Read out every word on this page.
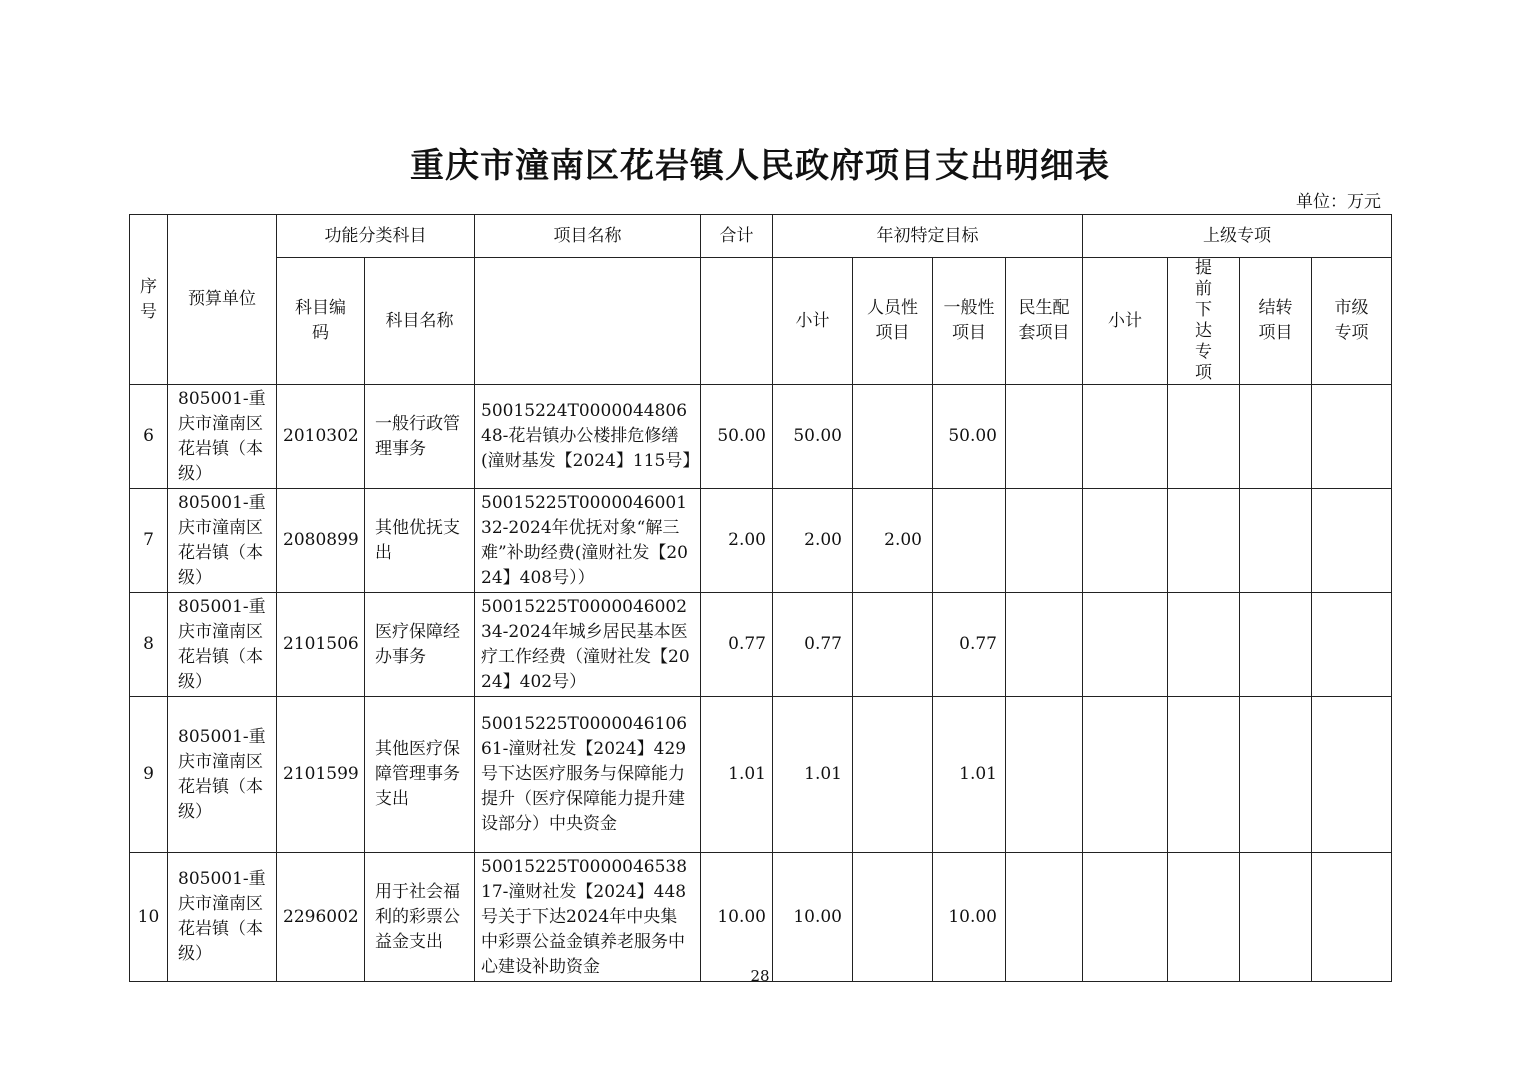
重庆市潼南区花岩镇人民政府项目支出明细表
单位：万元
序号	预算单位	功能分类科目		项目名称	合计	年初特定目标				上级专项			
		科目编码	科目名称			小计	人员性项目	一般性项目	民生配套项目	小计	提前下达专项	结转项目	市级专项
6	805001-重庆市潼南区花岩镇（本级）	2010302	一般行政管理事务	50015224T000004480648-花岩镇办公楼排危修缮(潼财基发【2024】115号】	50.00	50.00		50.00					
7	805001-重庆市潼南区花岩镇（本级）	2080899	其他优抚支出	50015225T000004600132-2024年优抚对象“解三难”补助经费(潼财社发【2024】408号））	2.00	2.00	2.00						
8	805001-重庆市潼南区花岩镇（本级）	2101506	医疗保障经办事务	50015225T000004600234-2024年城乡居民基本医疗工作经费（潼财社发【2024】402号）	0.77	0.77		0.77					
9	805001-重庆市潼南区花岩镇（本级）	2101599	其他医疗保障管理事务支出	50015225T000004610661-潼财社发【2024】429号下达医疗服务与保障能力提升（医疗保障能力提升建设部分）中央资金	1.01	1.01		1.01					
10	805001-重庆市潼南区花岩镇（本级）	2296002	用于社会福利的彩票公益金支出	50015225T000004653817-潼财社发【2024】448号关于下达2024年中央集中彩票公益金镇养老服务中心建设补助资金	10.00	10.00		10.00					
28
